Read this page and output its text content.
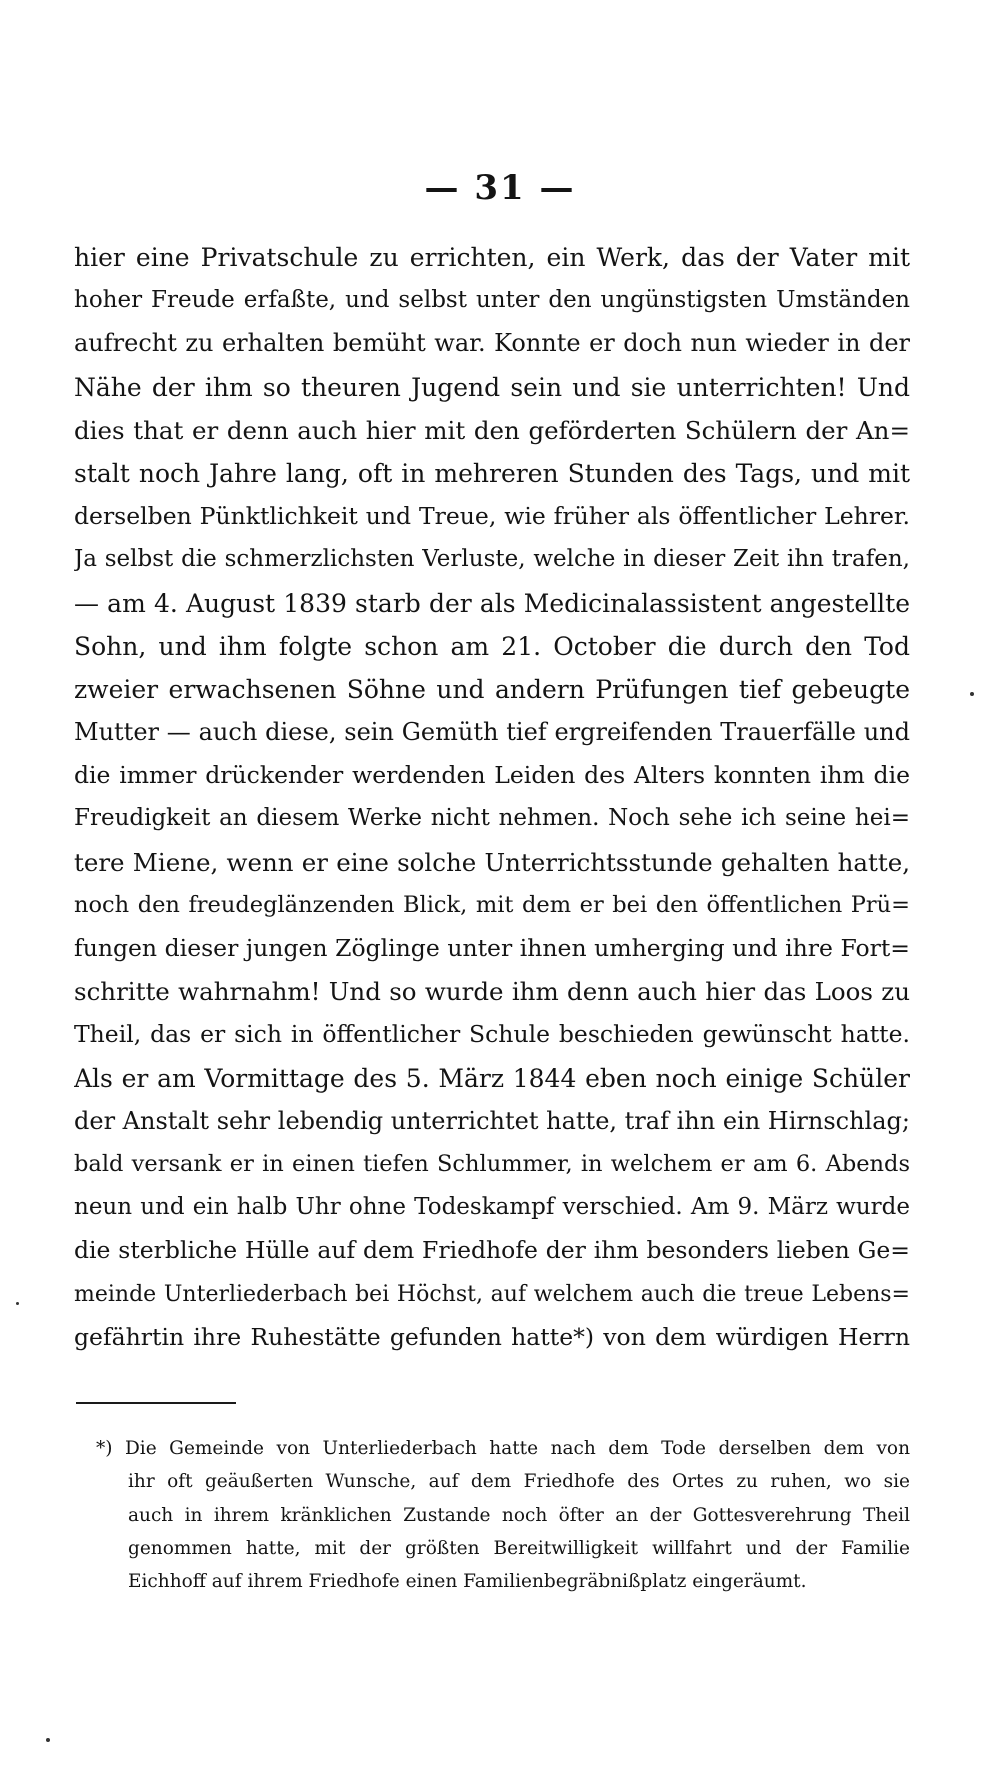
— 31 —
hier eine Privatschule zu errichten, ein Werk, das der Vater mit
hoher Freude erfaßte, und selbst unter den ungünstigsten Umständen
aufrecht zu erhalten bemüht war. Konnte er doch nun wieder in der
Nähe der ihm so theuren Jugend sein und sie unterrichten! Und
dies that er denn auch hier mit den geförderten Schülern der An=
stalt noch Jahre lang, oft in mehreren Stunden des Tags, und mit
derselben Pünktlichkeit und Treue, wie früher als öffentlicher Lehrer.
Ja selbst die schmerzlichsten Verluste, welche in dieser Zeit ihn trafen,
— am 4. August 1839 starb der als Medicinalassistent angestellte
Sohn, und ihm folgte schon am 21. October die durch den Tod
zweier erwachsenen Söhne und andern Prüfungen tief gebeugte
Mutter — auch diese, sein Gemüth tief ergreifenden Trauerfälle und
die immer drückender werdenden Leiden des Alters konnten ihm die
Freudigkeit an diesem Werke nicht nehmen. Noch sehe ich seine hei=
tere Miene, wenn er eine solche Unterrichtsstunde gehalten hatte,
noch den freudeglänzenden Blick, mit dem er bei den öffentlichen Prü=
fungen dieser jungen Zöglinge unter ihnen umherging und ihre Fort=
schritte wahrnahm! Und so wurde ihm denn auch hier das Loos zu
Theil, das er sich in öffentlicher Schule beschieden gewünscht hatte.
Als er am Vormittage des 5. März 1844 eben noch einige Schüler
der Anstalt sehr lebendig unterrichtet hatte, traf ihn ein Hirnschlag;
bald versank er in einen tiefen Schlummer, in welchem er am 6. Abends
neun und ein halb Uhr ohne Todeskampf verschied. Am 9. März wurde
die sterbliche Hülle auf dem Friedhofe der ihm besonders lieben Ge=
meinde Unterliederbach bei Höchst, auf welchem auch die treue Lebens=
gefährtin ihre Ruhestätte gefunden hatte*) von dem würdigen Herrn
*) Die Gemeinde von Unterliederbach hatte nach dem Tode derselben dem von
ihr oft geäußerten Wunsche, auf dem Friedhofe des Ortes zu ruhen, wo sie
auch in ihrem kränklichen Zustande noch öfter an der Gottesverehrung Theil
genommen hatte, mit der größten Bereitwilligkeit willfahrt und der Familie
Eichhoff auf ihrem Friedhofe einen Familienbegräbnißplatz eingeräumt.
